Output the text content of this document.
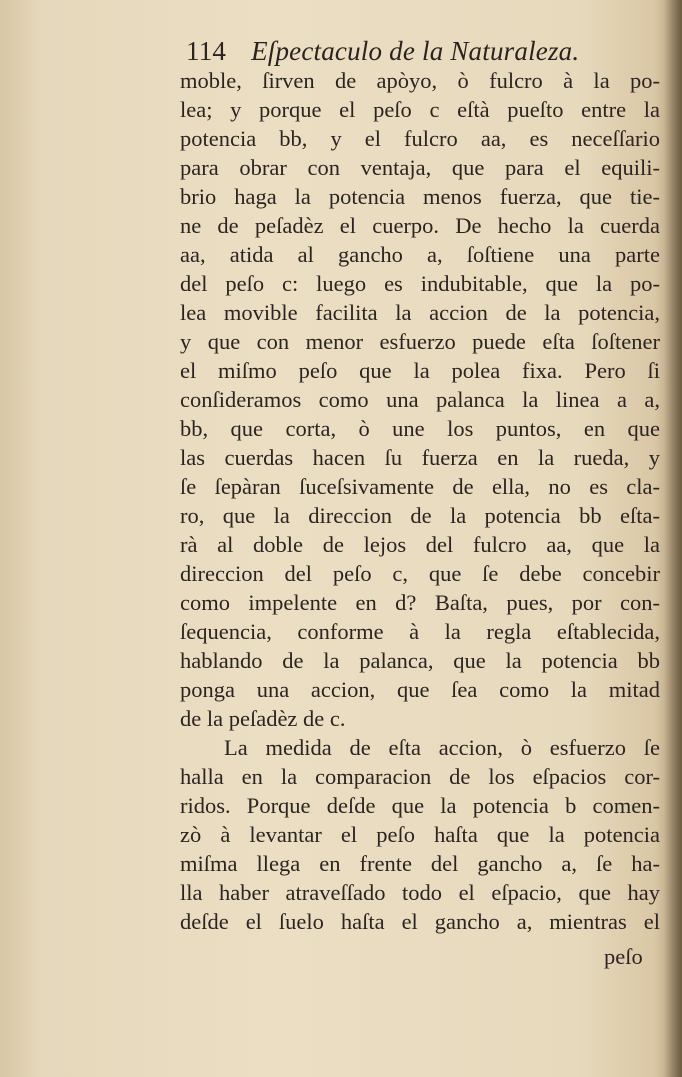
114 Eſpectaculo de la Naturaleza.
moble, ſirven de apòyo, ò fulcro à la po-
lea; y porque el peſo c eſtà pueſto entre la
potencia bb, y el fulcro aa, es neceſſario
para obrar con ventaja, que para el equili-
brio haga la potencia menos fuerza, que tie-
ne de peſadèz el cuerpo. De hecho la cuerda
aa, atida al gancho a, ſoſtiene una parte
del peſo c: luego es indubitable, que la po-
lea movible facilita la accion de la potencia,
y que con menor esfuerzo puede eſta ſoſtener
el miſmo peſo que la polea fixa. Pero ſi
conſideramos como una palanca la linea a a,
bb, que corta, ò une los puntos, en que
las cuerdas hacen ſu fuerza en la rueda, y
ſe ſepàran ſuceſsivamente de ella, no es cla-
ro, que la direccion de la potencia bb eſta-
rà al doble de lejos del fulcro aa, que la
direccion del peſo c, que ſe debe concebir
como impelente en d? Baſta, pues, por con-
ſequencia, conforme à la regla eſtablecida,
hablando de la palanca, que la potencia bb
ponga una accion, que ſea como la mitad
de la peſadèz de c.
La medida de eſta accion, ò esfuerzo ſe
halla en la comparacion de los eſpacios cor-
ridos. Porque deſde que la potencia b comen-
zò à levantar el peſo haſta que la potencia
miſma llega en frente del gancho a, ſe ha-
lla haber atraveſſado todo el eſpacio, que hay
deſde el ſuelo haſta el gancho a, mientras el
peſo
